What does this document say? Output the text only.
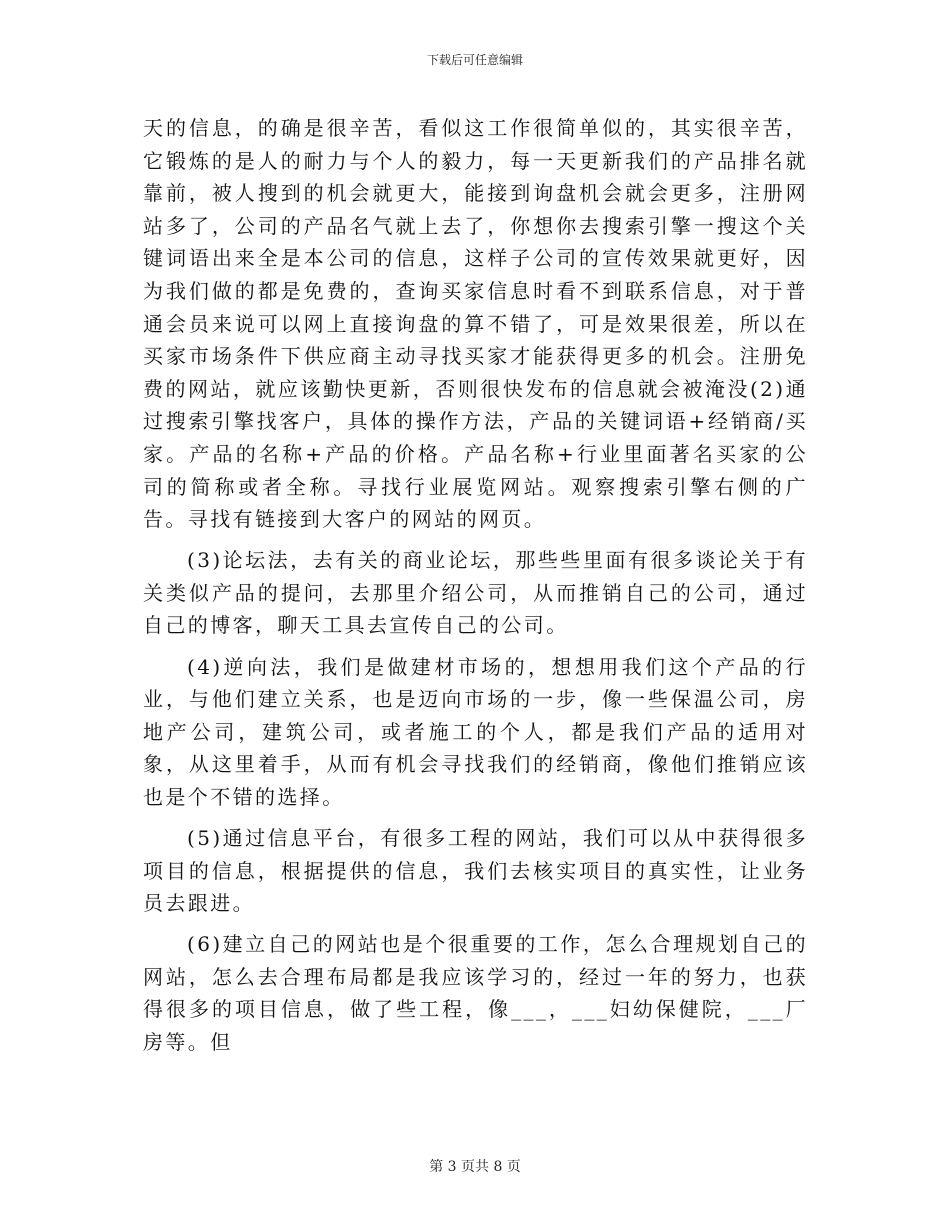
下载后可任意编辑

天的信息，的确是很辛苦，看似这工作很简单似的，其实很辛苦，它锻炼的是人的耐力与个人的毅力，每一天更新我们的产品排名就靠前，被人搜到的机会就更大，能接到询盘机会就会更多，注册网站多了，公司的产品名气就上去了，你想你去搜索引擎一搜这个关键词语出来全是本公司的信息，这样子公司的宣传效果就更好，因为我们做的都是免费的，查询买家信息时看不到联系信息，对于普通会员来说可以网上直接询盘的算不错了，可是效果很差，所以在买家市场条件下供应商主动寻找买家才能获得更多的机会。注册免费的网站，就应该勤快更新，否则很快发布的信息就会被淹没(2)通过搜索引擎找客户，具体的操作方法，产品的关键词语+经销商/买家。产品的名称+产品的价格。产品名称+行业里面著名买家的公司的简称或者全称。寻找行业展览网站。观察搜索引擎右侧的广告。寻找有链接到大客户的网站的网页。

(3)论坛法，去有关的商业论坛，那些些里面有很多谈论关于有关类似产品的提问，去那里介绍公司，从而推销自己的公司，通过自己的博客，聊天工具去宣传自己的公司。

(4)逆向法，我们是做建材市场的，想想用我们这个产品的行业，与他们建立关系，也是迈向市场的一步，像一些保温公司，房地产公司，建筑公司，或者施工的个人，都是我们产品的适用对象，从这里着手，从而有机会寻找我们的经销商，像他们推销应该也是个不错的选择。

(5)通过信息平台，有很多工程的网站，我们可以从中获得很多项目的信息，根据提供的信息，我们去核实项目的真实性，让业务员去跟进。

(6)建立自己的网站也是个很重要的工作，怎么合理规划自己的网站，怎么去合理布局都是我应该学习的，经过一年的努力，也获得很多的项目信息，做了些工程，像___，___妇幼保健院，___厂房等。但

第 3 页共 8 页
